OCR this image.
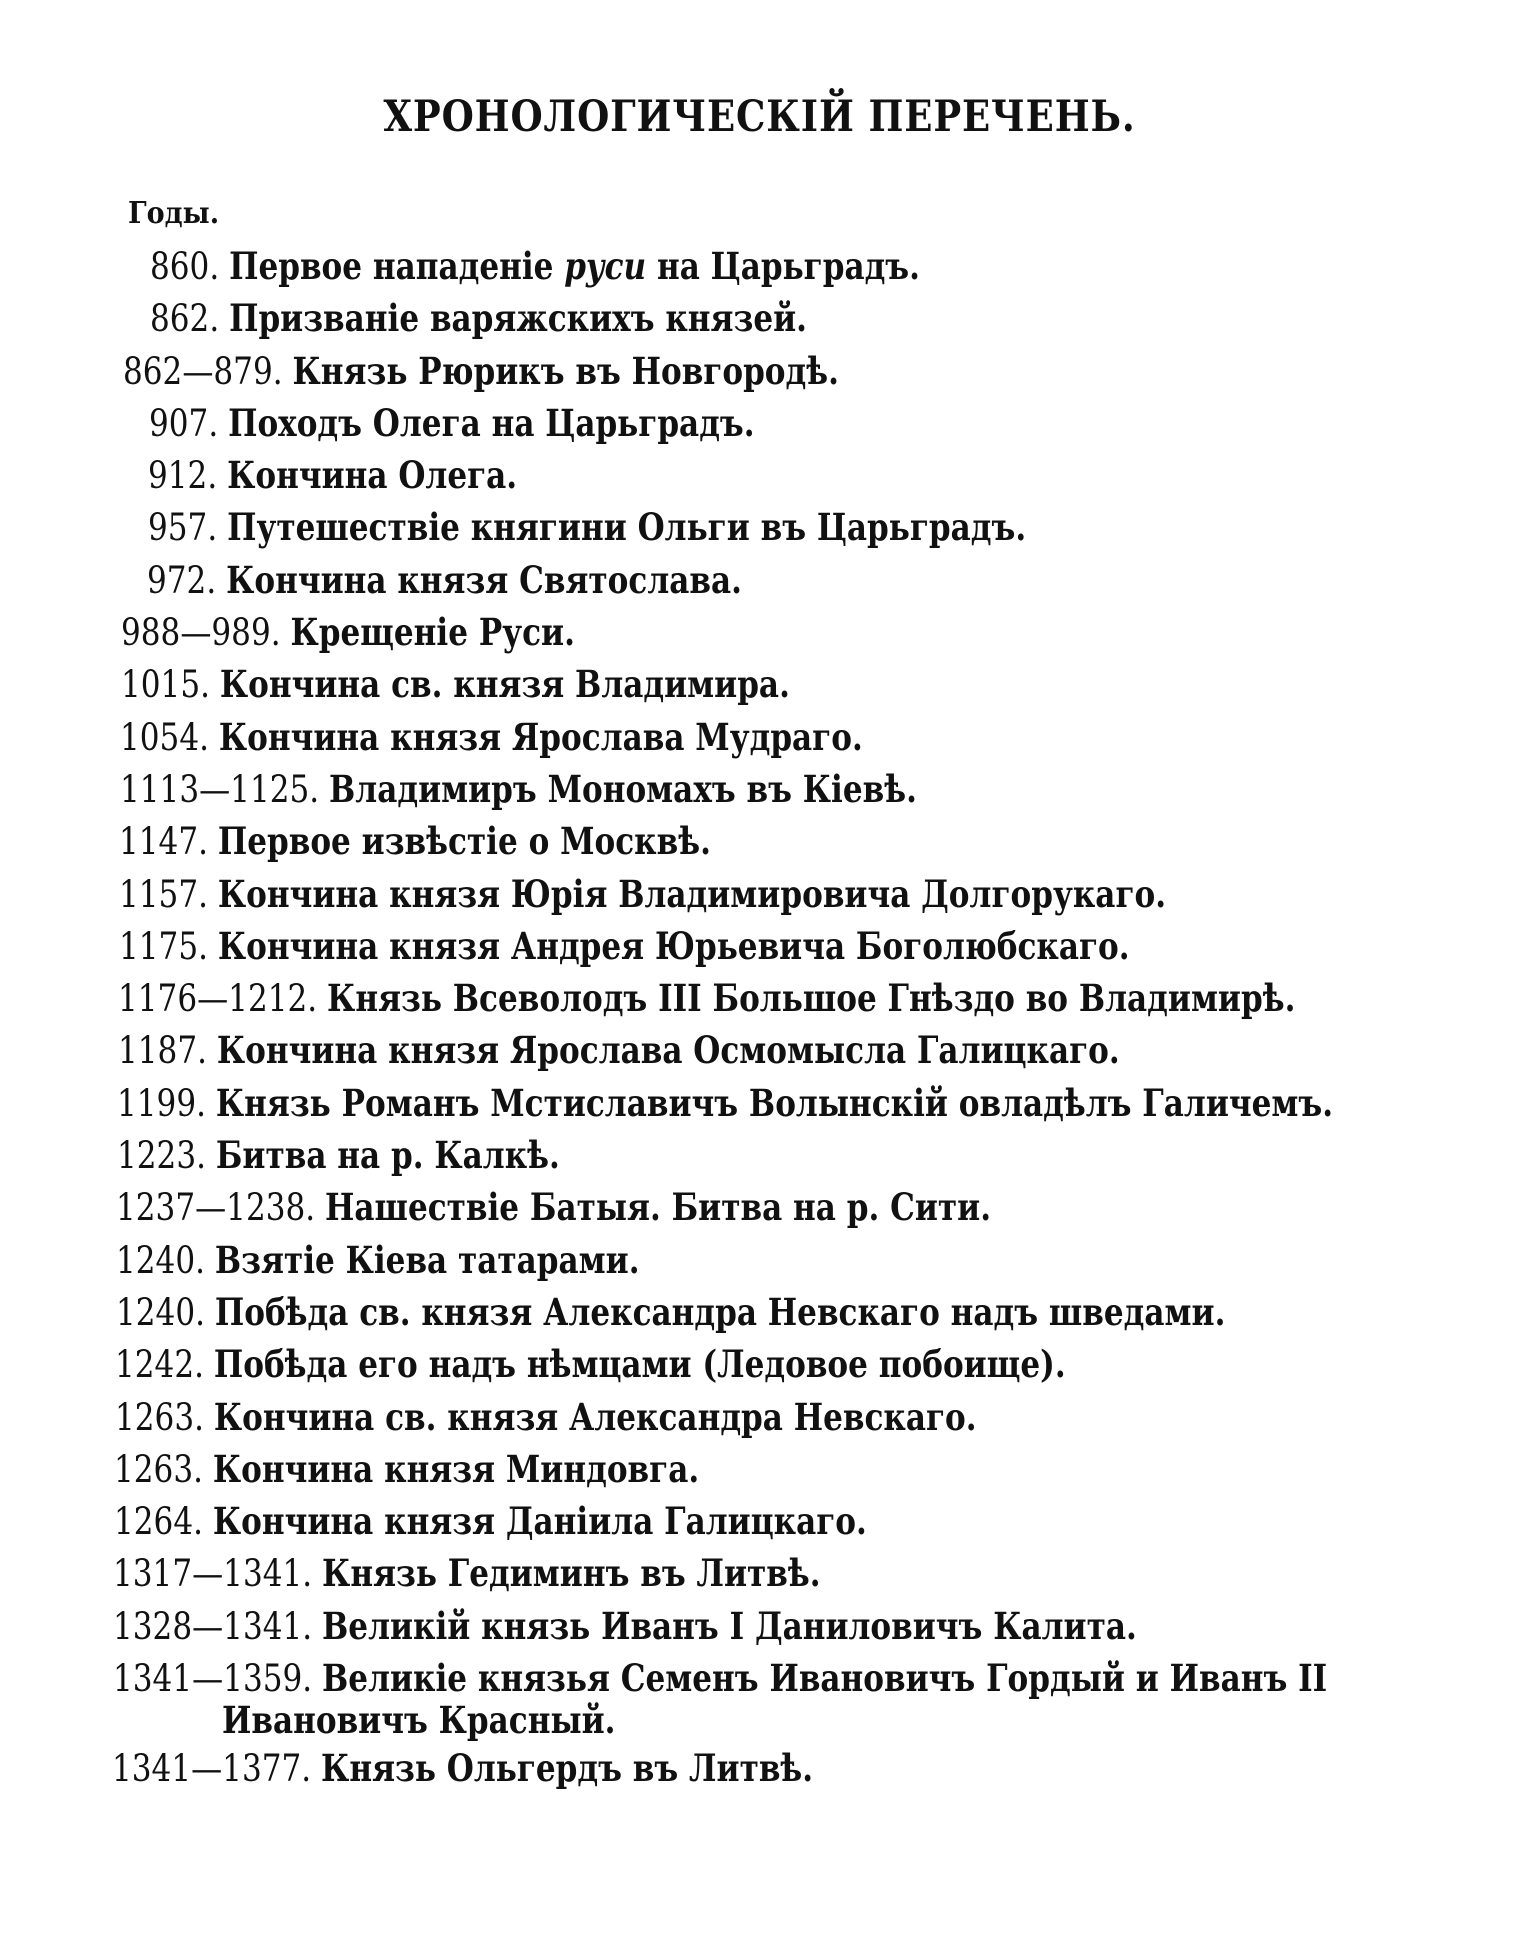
ХРОНОЛОГИЧЕСКІЙ ПЕРЕЧЕНЬ.
Годы.
860. Первое нападеніе руси на Царьградъ.
862. Призваніе варяжскихъ князей.
862—879. Князь Рюрикъ въ Новгородѣ.
907. Походъ Олега на Царьградъ.
912. Кончина Олега.
957. Путешествіе княгини Ольги въ Царьградъ.
972. Кончина князя Святослава.
988—989. Крещеніе Руси.
1015. Кончина св. князя Владимира.
1054. Кончина князя Ярослава Мудраго.
1113—1125. Владимиръ Мономахъ въ Кіевѣ.
1147. Первое извѣстіе о Москвѣ.
1157. Кончина князя Юрія Владимировича Долгорукаго.
1175. Кончина князя Андрея Юрьевича Боголюбскаго.
1176—1212. Князь Всеволодъ III Большое Гнѣздо во Владимирѣ.
1187. Кончина князя Ярослава Осмомысла Галицкаго.
1199. Князь Романъ Мстиславичъ Волынскій овладѣлъ Галичемъ.
1223. Битва на р. Калкѣ.
1237—1238. Нашествіе Батыя. Битва на р. Сити.
1240. Взятіе Кіева татарами.
1240. Побѣда св. князя Александра Невскаго надъ шведами.
1242. Побѣда его надъ нѣмцами (Ледовое побоище).
1263. Кончина св. князя Александра Невскаго.
1263. Кончина князя Миндовга.
1264. Кончина князя Даніила Галицкаго.
1317—1341. Князь Гедиминъ въ Литвѣ.
1328—1341. Великій князь Иванъ I Даниловичъ Калита.
1341—1359. Великіе князья Семенъ Ивановичъ Гордый и Иванъ II
Ивановичъ Красный.
1341—1377. Князь Ольгердъ въ Литвѣ.
